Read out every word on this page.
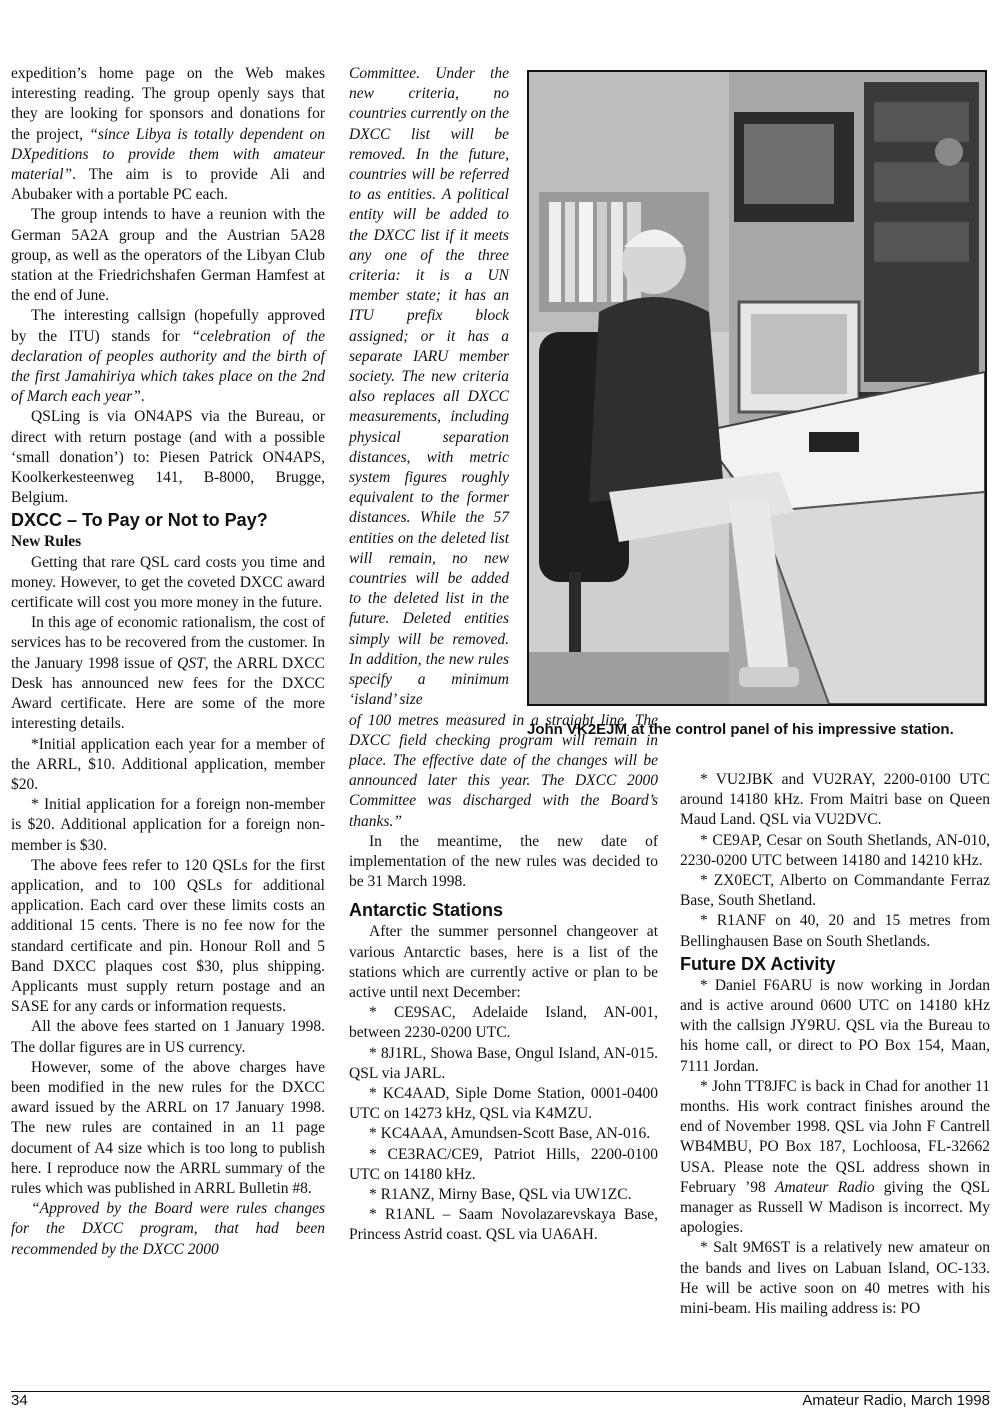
expedition’s home page on the Web makes interesting reading. The group openly says that they are looking for sponsors and donations for the project, “since Libya is totally dependent on DXpeditions to provide them with amateur material”. The aim is to provide Ali and Abubaker with a portable PC each.

The group intends to have a reunion with the German 5A2A group and the Austrian 5A28 group, as well as the operators of the Libyan Club station at the Friedrichshafen German Hamfest at the end of June.

The interesting callsign (hopefully approved by the ITU) stands for “celebration of the declaration of peoples authority and the birth of the first Jamahiriya which takes place on the 2nd of March each year”.

QSLing is via ON4APS via the Bureau, or direct with return postage (and with a possible ‘small donation’) to: Piesen Patrick ON4APS, Koolkerkesteenweg 141, B-8000, Brugge, Belgium.

DXCC – To Pay or Not to Pay?

New Rules

Getting that rare QSL card costs you time and money. However, to get the coveted DXCC award certificate will cost you more money in the future.

In this age of economic rationalism, the cost of services has to be recovered from the customer. In the January 1998 issue of QST, the ARRL DXCC Desk has announced new fees for the DXCC Award certificate. Here are some of the more interesting details.

*Initial application each year for a member of the ARRL, $10. Additional application, member $20.

* Initial application for a foreign non-member is $20. Additional application for a foreign non-member is $30.

The above fees refer to 120 QSLs for the first application, and to 100 QSLs for additional application. Each card over these limits costs an additional 15 cents. There is no fee now for the standard certificate and pin. Honour Roll and 5 Band DXCC plaques cost $30, plus shipping. Applicants must supply return postage and an SASE for any cards or information requests.

All the above fees started on 1 January 1998. The dollar figures are in US currency.

However, some of the above charges have been modified in the new rules for the DXCC award issued by the ARRL on 17 January 1998. The new rules are contained in an 11 page document of A4 size which is too long to publish here. I reproduce now the ARRL summary of the rules which was published in ARRL Bulletin #8.

“Approved by the Board were rules changes for the DXCC program, that had been recommended by the DXCC 2000

Committee. Under the new criteria, no countries currently on the DXCC list will be removed. In the future, countries will be referred to as entities. A political entity will be added to the DXCC list if it meets any one of the three criteria: it is a UN member state; it has an ITU prefix block assigned; or it has a separate IARU member society. The new criteria also replaces all DXCC measurements, including physical separation distances, with metric system figures roughly equivalent to the former distances. While the 57 entities on the deleted list will remain, no new countries will be added to the deleted list in the future. Deleted entities simply will be removed. In addition, the new rules specify a minimum ‘island’ size

of 100 metres measured in a straight line. The DXCC field checking program will remain in place. The effective date of the changes will be announced later this year. The DXCC 2000 Committee was discharged with the Board’s thanks.”

In the meantime, the new date of implementation of the new rules was decided to be 31 March 1998.

Antarctic Stations

After the summer personnel changeover at various Antarctic bases, here is a list of the stations which are currently active or plan to be active until next December:

* CE9SAC, Adelaide Island, AN-001, between 2230-0200 UTC.

* 8J1RL, Showa Base, Ongul Island, AN-015. QSL via JARL.

* KC4AAD, Siple Dome Station, 0001-0400 UTC on 14273 kHz, QSL via K4MZU.

* KC4AAA, Amundsen-Scott Base, AN-016.

* CE3RAC/CE9, Patriot Hills, 2200-0100 UTC on 14180 kHz.

* R1ANZ, Mirny Base, QSL via UW1ZC.

* R1ANL – Saam Novolazarevskaya Base, Princess Astrid coast. QSL via UA6AH.

John VK2EJM at the control panel of his impressive station.

* VU2JBK and VU2RAY, 2200-0100 UTC around 14180 kHz. From Maitri base on Queen Maud Land. QSL via VU2DVC.

* CE9AP, Cesar on South Shetlands, AN-010, 2230-0200 UTC between 14180 and 14210 kHz.

* ZX0ECT, Alberto on Commandante Ferraz Base, South Shetland.

* R1ANF on 40, 20 and 15 metres from Bellinghausen Base on South Shetlands.

Future DX Activity

* Daniel F6ARU is now working in Jordan and is active around 0600 UTC on 14180 kHz with the callsign JY9RU. QSL via the Bureau to his home call, or direct to PO Box 154, Maan, 7111 Jordan.

* John TT8JFC is back in Chad for another 11 months. His work contract finishes around the end of November 1998. QSL via John F Cantrell WB4MBU, PO Box 187, Lochloosa, FL-32662 USA. Please note the QSL address shown in February ’98 Amateur Radio giving the QSL manager as Russell W Madison is incorrect. My apologies.

* Salt 9M6ST is a relatively new amateur on the bands and lives on Labuan Island, OC-133. He will be active soon on 40 metres with his mini-beam. His mailing address is: PO

34	Amateur Radio, March 1998
